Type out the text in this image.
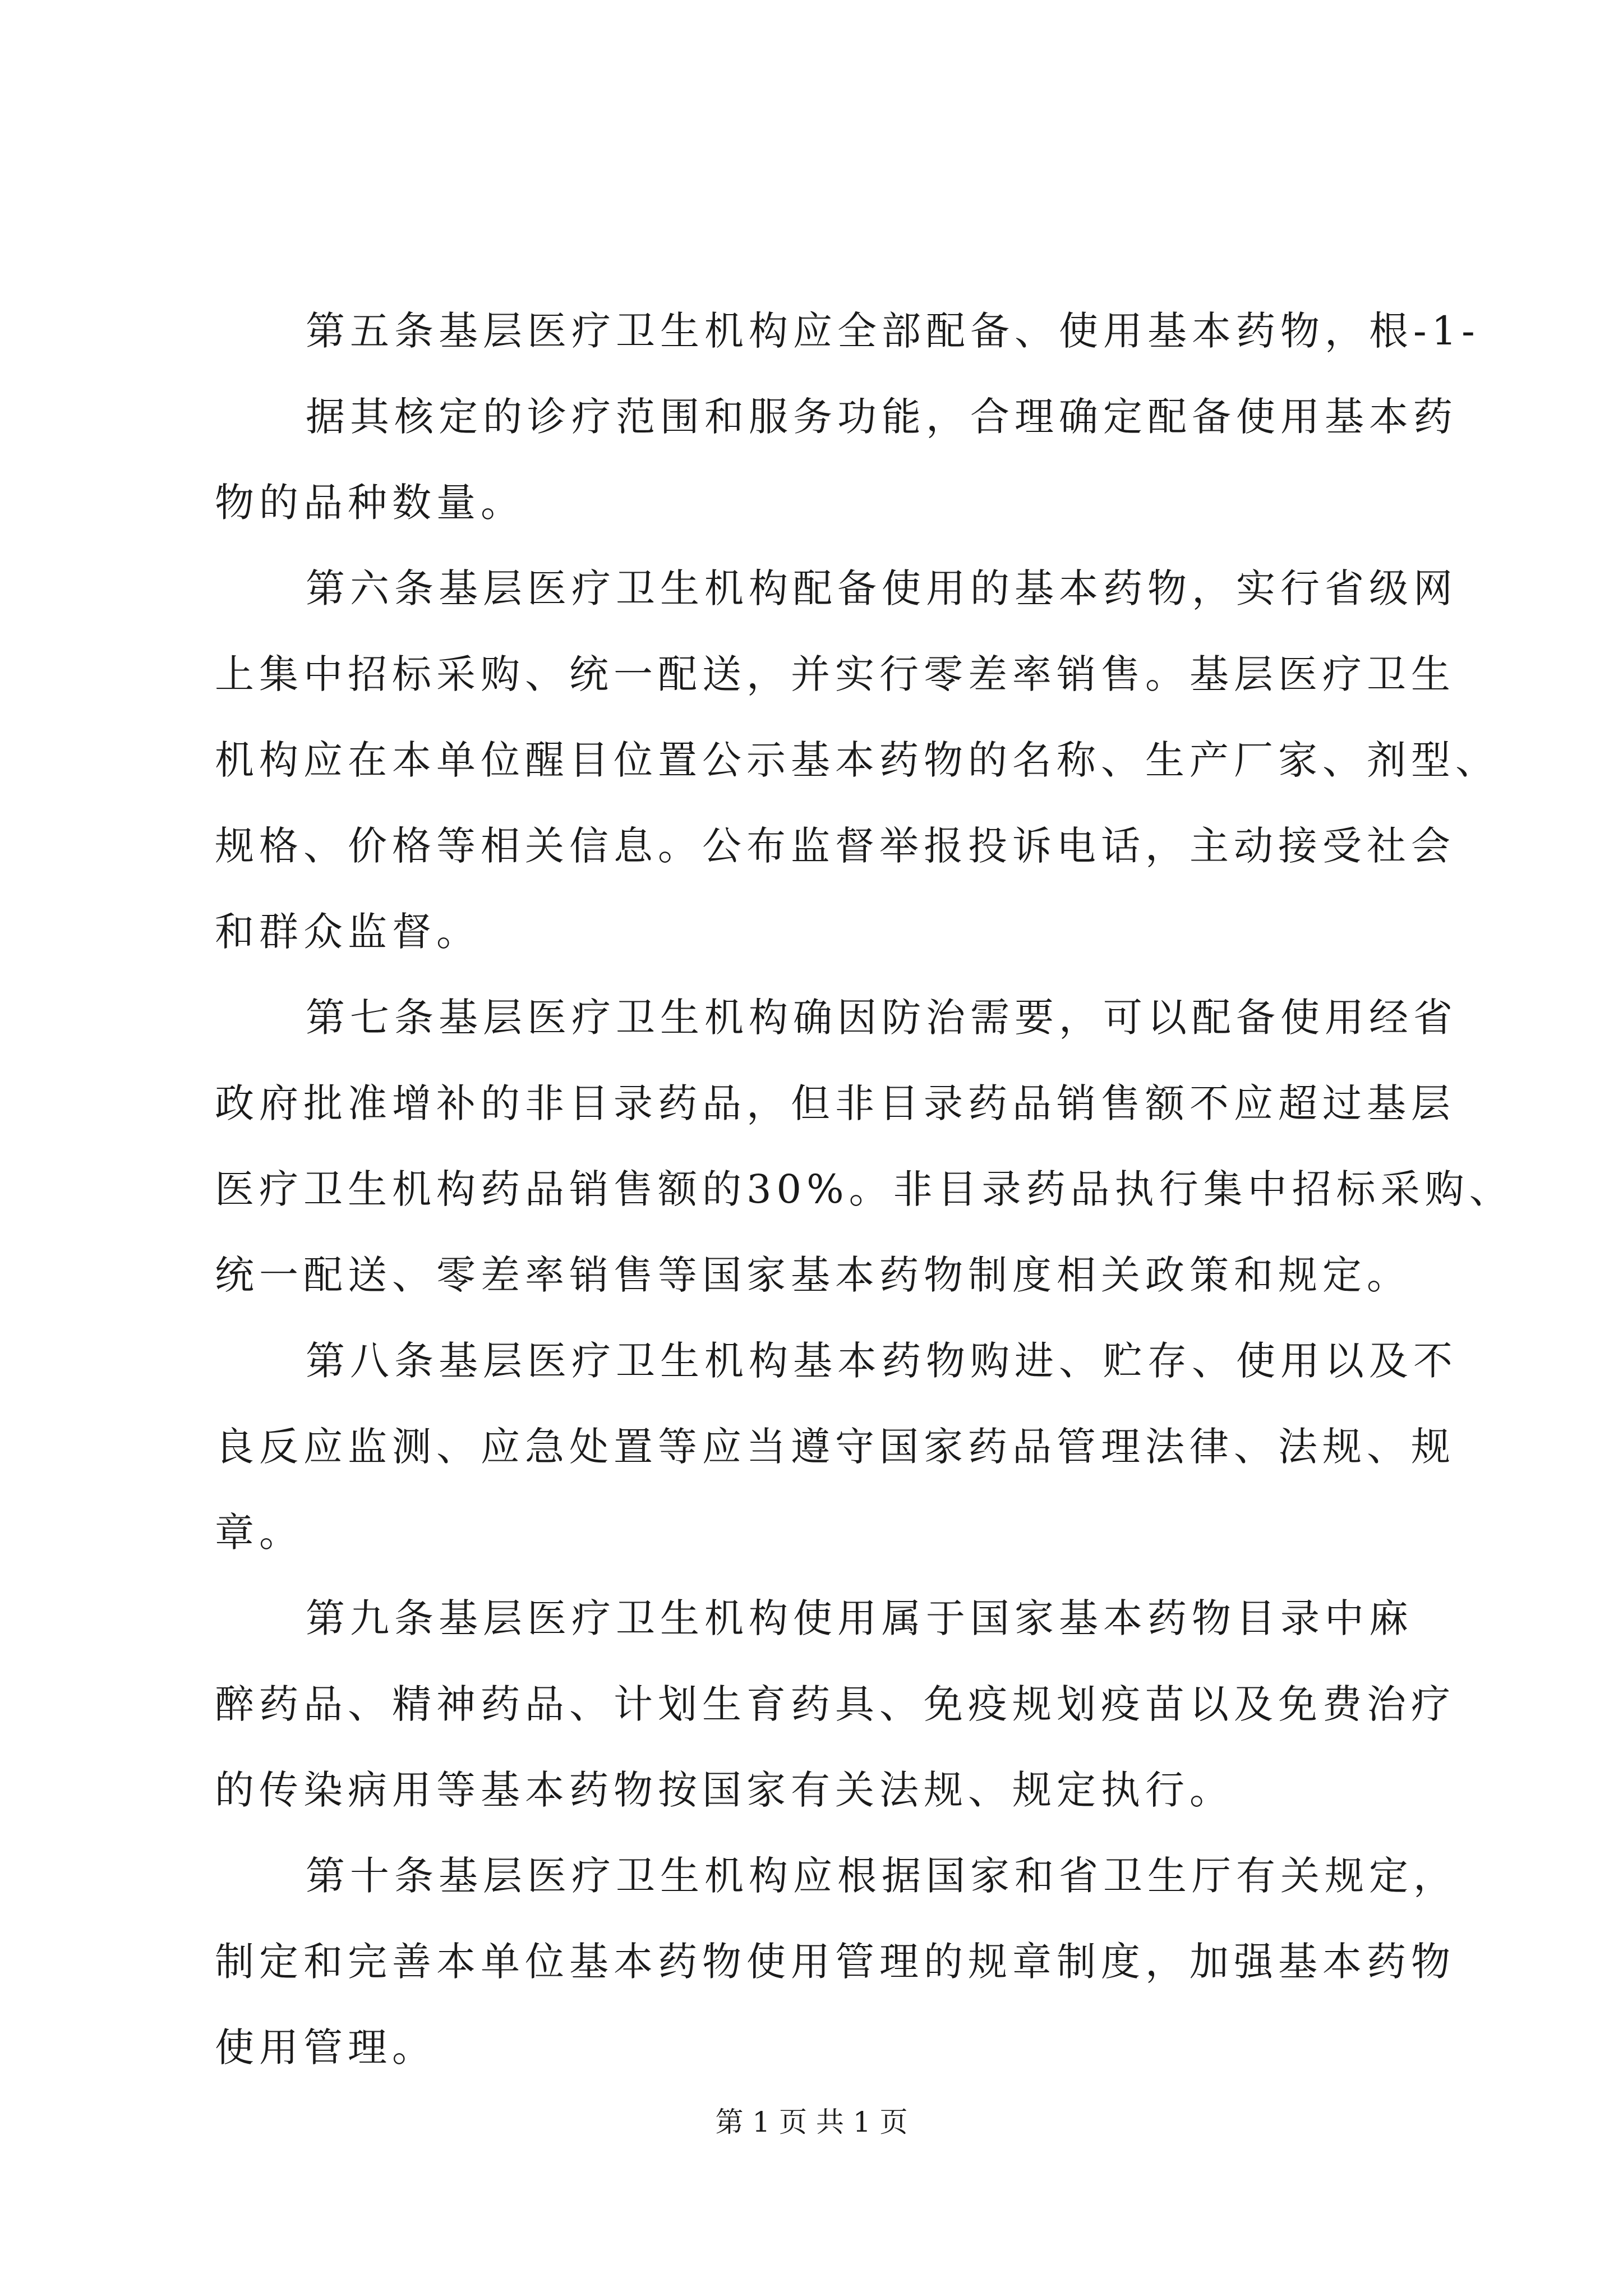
第五条基层医疗卫生机构应全部配备、使用基本药物，根-1-
据其核定的诊疗范围和服务功能，合理确定配备使用基本药
物的品种数量。
第六条基层医疗卫生机构配备使用的基本药物，实行省级网
上集中招标采购、统一配送，并实行零差率销售。基层医疗卫生
机构应在本单位醒目位置公示基本药物的名称、生产厂家、剂型、
规格、价格等相关信息。公布监督举报投诉电话，主动接受社会
和群众监督。
第七条基层医疗卫生机构确因防治需要，可以配备使用经省
政府批准增补的非目录药品，但非目录药品销售额不应超过基层
医疗卫生机构药品销售额的30%。非目录药品执行集中招标采购、
统一配送、零差率销售等国家基本药物制度相关政策和规定。
第八条基层医疗卫生机构基本药物购进、贮存、使用以及不
良反应监测、应急处置等应当遵守国家药品管理法律、法规、规
章。
第九条基层医疗卫生机构使用属于国家基本药物目录中麻
醉药品、精神药品、计划生育药具、免疫规划疫苗以及免费治疗
的传染病用等基本药物按国家有关法规、规定执行。
第十条基层医疗卫生机构应根据国家和省卫生厅有关规定，
制定和完善本单位基本药物使用管理的规章制度，加强基本药物
使用管理。
第 1 页 共 1 页
